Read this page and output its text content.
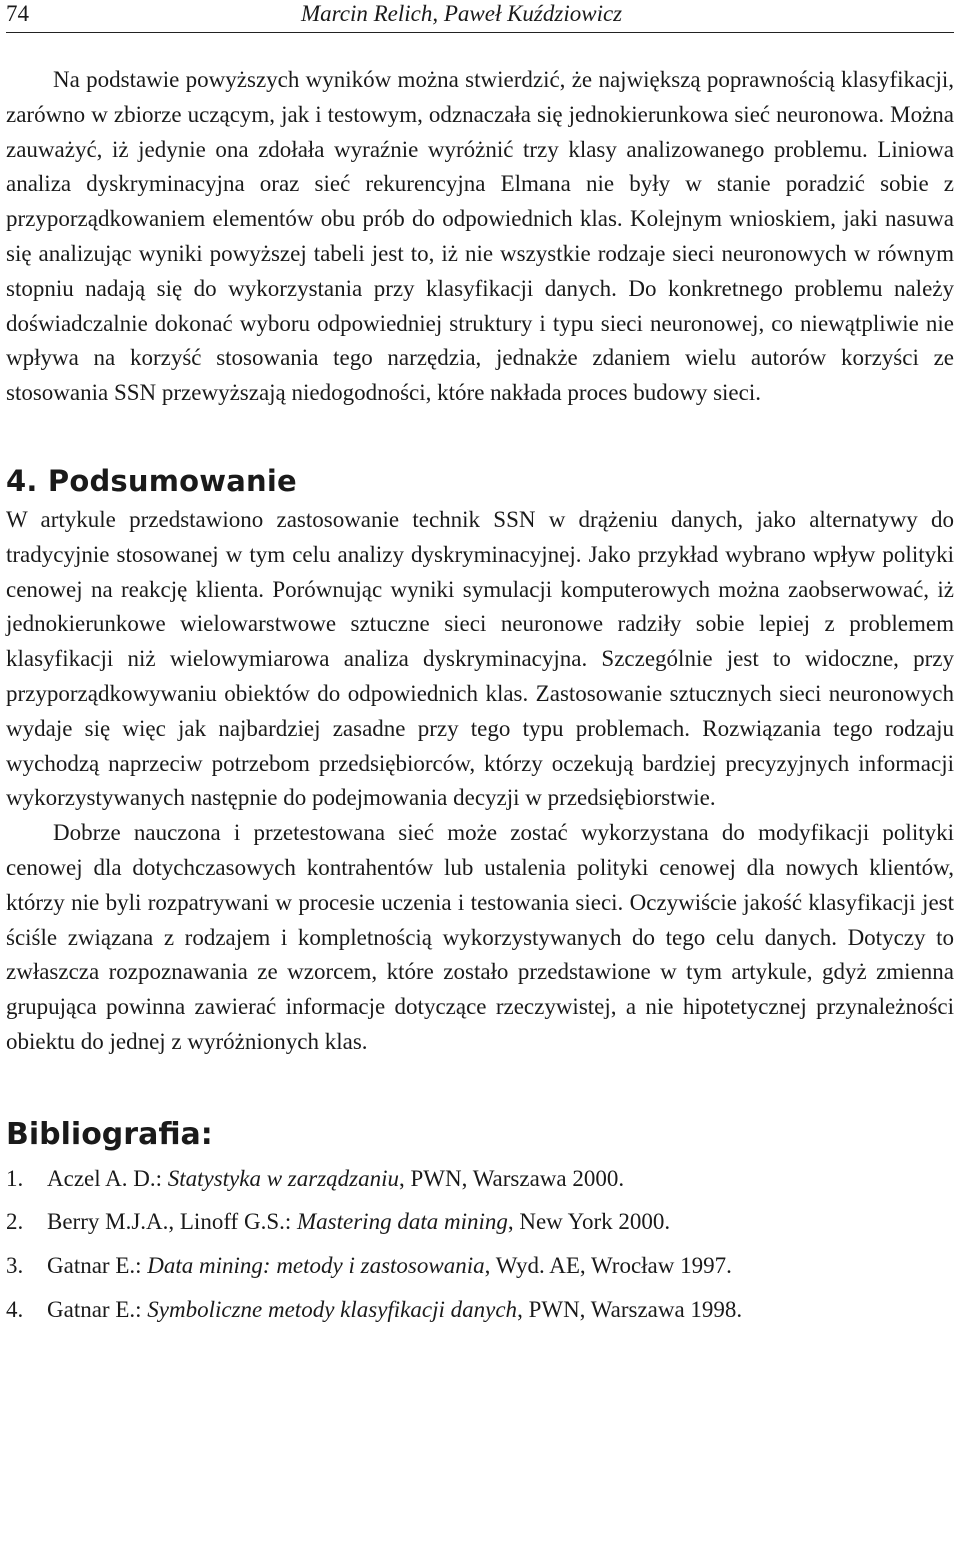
74	Marcin Relich, Paweł Kuździowicz

Na podstawie powyższych wyników można stwierdzić, że największą poprawnością klasyfikacji, zarówno w zbiorze uczącym, jak i testowym, odznaczała się jednokierunkowa sieć neuronowa. Można zauważyć, iż jedynie ona zdołała wyraźnie wyróżnić trzy klasy analizowanego problemu. Liniowa analiza dyskryminacyjna oraz sieć rekurencyjna Elmana nie były w stanie poradzić sobie z przyporządkowaniem elementów obu prób do odpowiednich klas. Kolejnym wnioskiem, jaki nasuwa się analizując wyniki powyższej tabeli jest to, iż nie wszystkie rodzaje sieci neuronowych w równym stopniu nadają się do wykorzystania przy klasyfikacji danych. Do konkretnego problemu należy doświadczalnie dokonać wyboru odpowiedniej struktury i typu sieci neuronowej, co niewątpliwie nie wpływa na korzyść stosowania tego narzędzia, jednakże zdaniem wielu autorów korzyści ze stosowania SSN przewyższają niedogodności, które nakłada proces budowy sieci.

4. Podsumowanie

W artykule przedstawiono zastosowanie technik SSN w drążeniu danych, jako alternatywy do tradycyjnie stosowanej w tym celu analizy dyskryminacyjnej. Jako przykład wybrano wpływ polityki cenowej na reakcję klienta. Porównując wyniki symulacji komputerowych można zaobserwować, iż jednokierunkowe wielowarstwowe sztuczne sieci neuronowe radziły sobie lepiej z problemem klasyfikacji niż wielowymiarowa analiza dyskryminacyjna. Szczególnie jest to widoczne, przy przyporządkowywaniu obiektów do odpowiednich klas. Zastosowanie sztucznych sieci neuronowych wydaje się więc jak najbardziej zasadne przy tego typu problemach. Rozwiązania tego rodzaju wychodzą naprzeciw potrzebom przedsiębiorców, którzy oczekują bardziej precyzyjnych informacji wykorzystywanych następnie do podejmowania decyzji w przedsiębiorstwie.

Dobrze nauczona i przetestowana sieć może zostać wykorzystana do modyfikacji polityki cenowej dla dotychczasowych kontrahentów lub ustalenia polityki cenowej dla nowych klientów, którzy nie byli rozpatrywani w procesie uczenia i testowania sieci. Oczywiście jakość klasyfikacji jest ściśle związana z rodzajem i kompletnością wykorzystywanych do tego celu danych. Dotyczy to zwłaszcza rozpoznawania ze wzorcem, które zostało przedstawione w tym artykule, gdyż zmienna grupująca powinna zawierać informacje dotyczące rzeczywistej, a nie hipotetycznej przynależności obiektu do jednej z wyróżnionych klas.

Bibliografia:
1. Aczel A. D.: Statystyka w zarządzaniu, PWN, Warszawa 2000.
2. Berry M.J.A., Linoff G.S.: Mastering data mining, New York 2000.
3. Gatnar E.: Data mining: metody i zastosowania, Wyd. AE, Wrocław 1997.
4. Gatnar E.: Symboliczne metody klasyfikacji danych, PWN, Warszawa 1998.
